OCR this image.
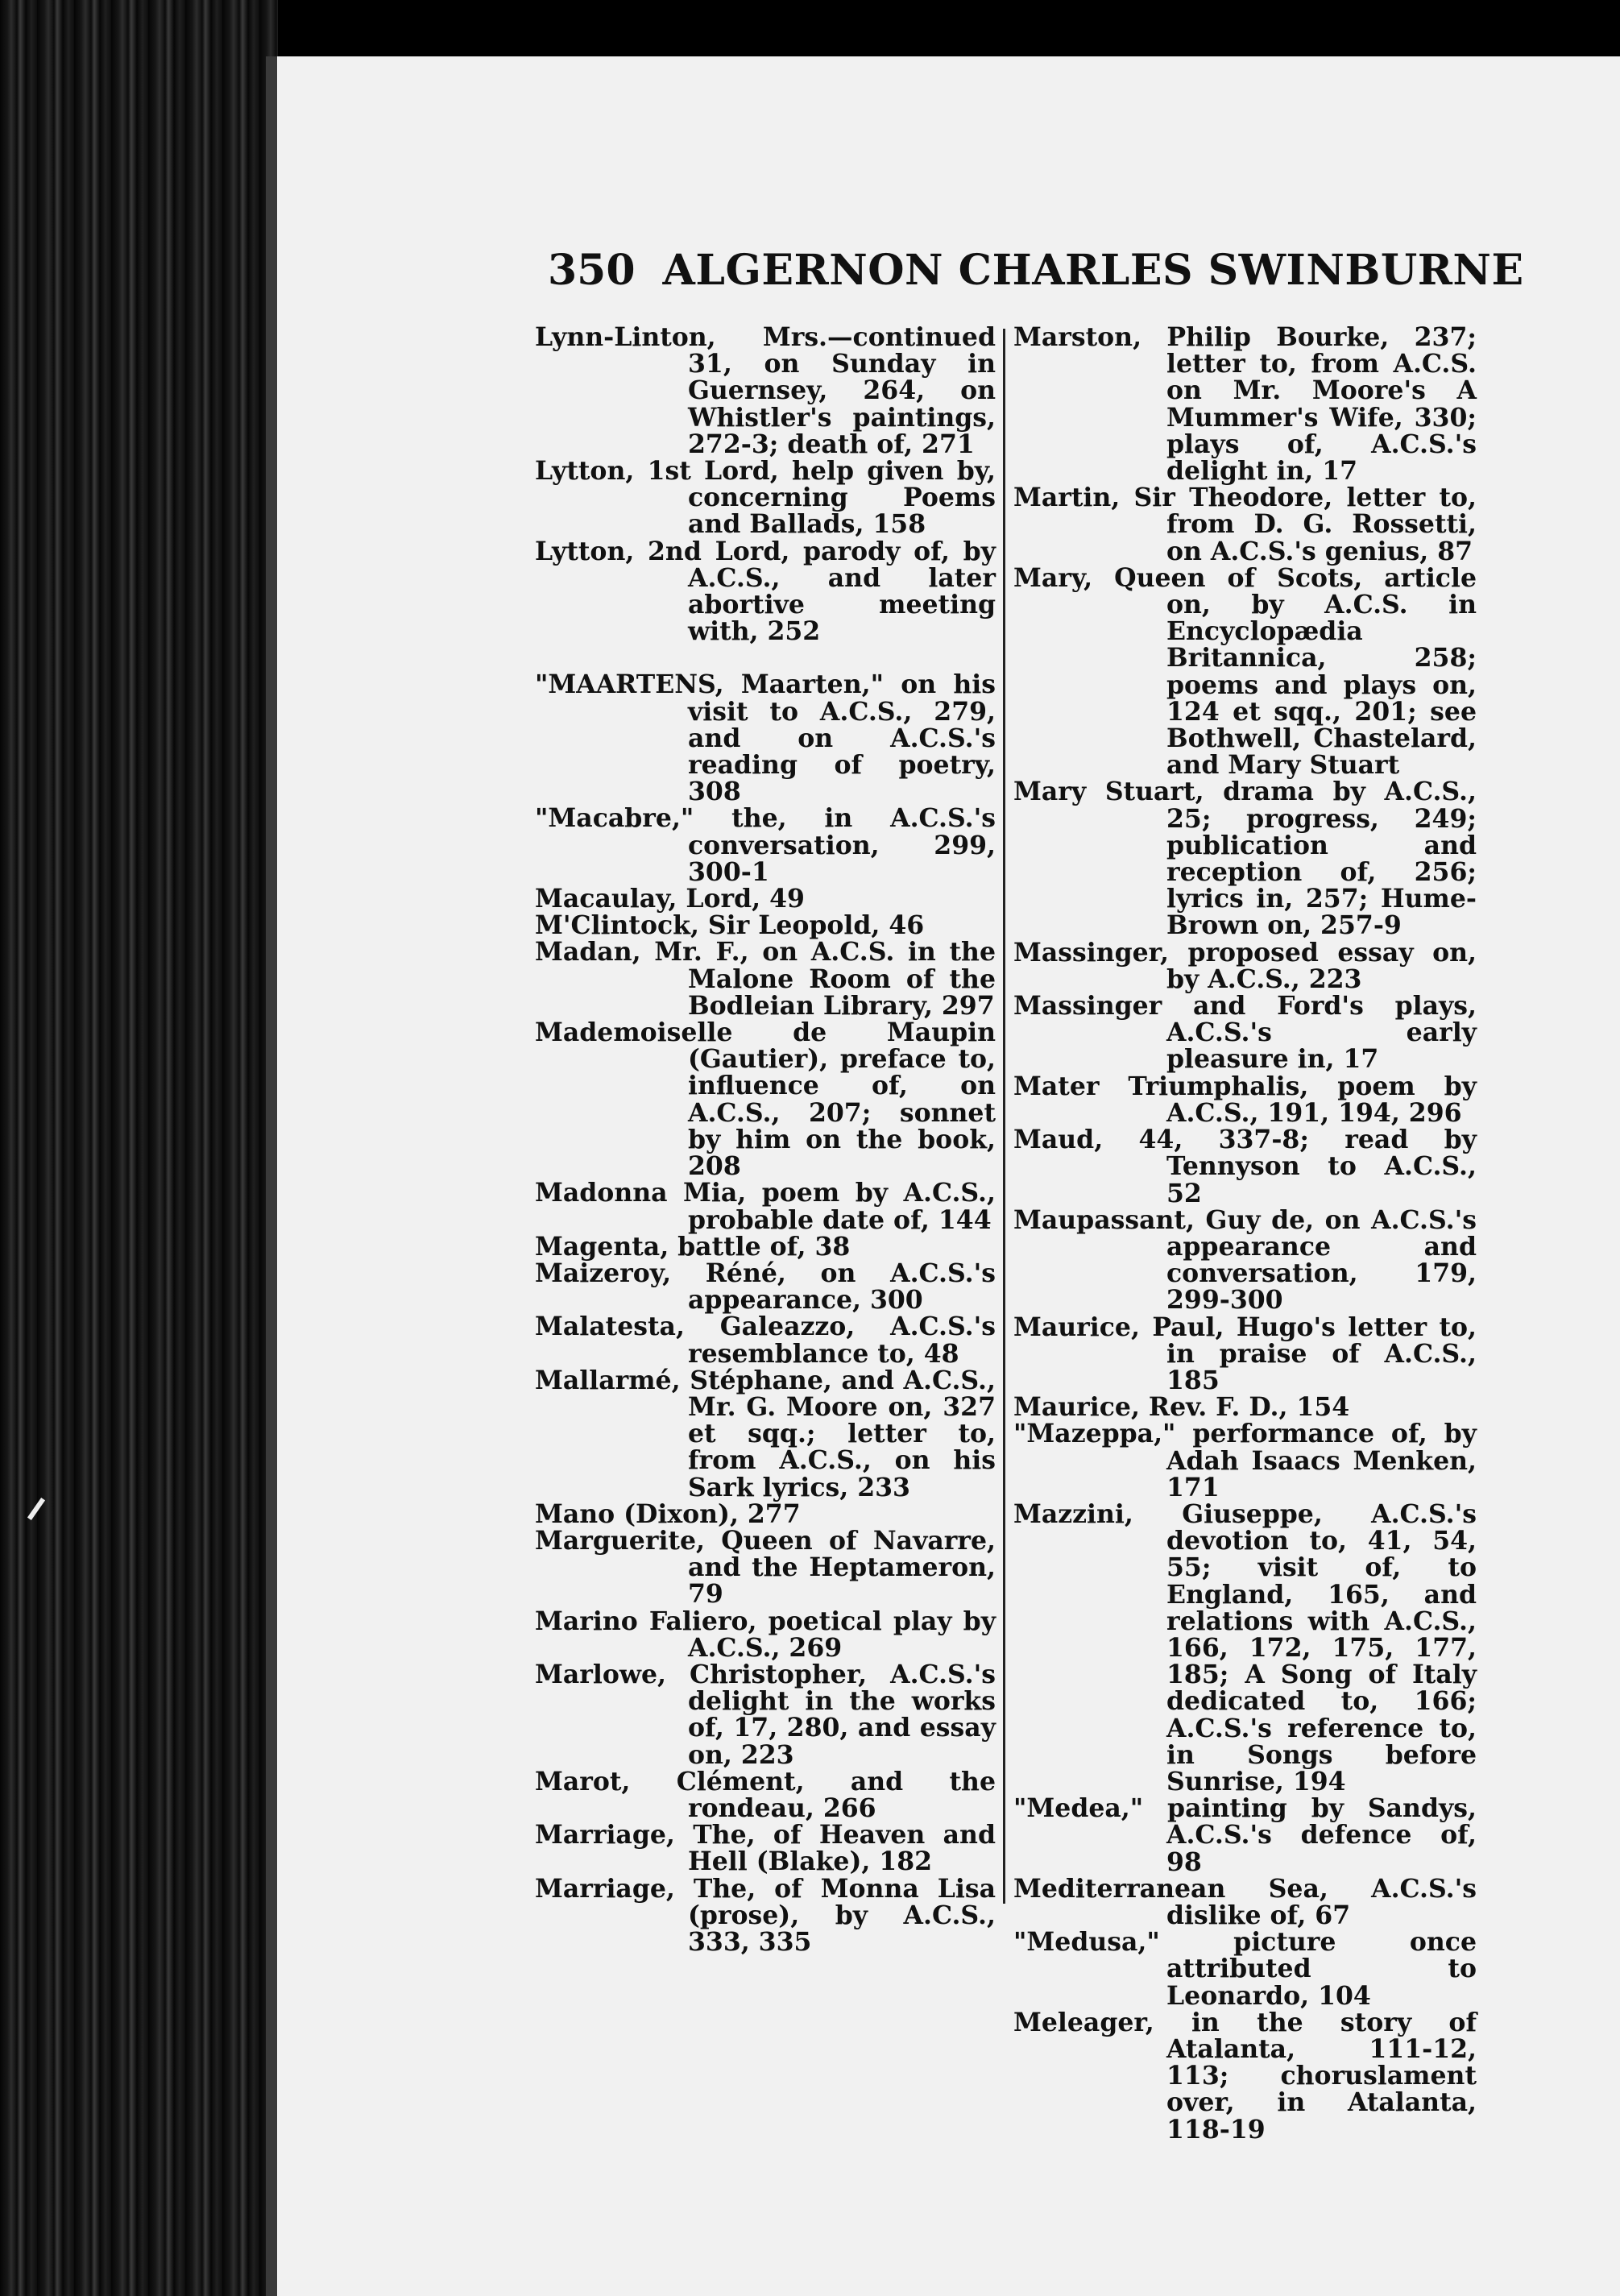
350 ALGERNON CHARLES SWINBURNE

Lynn-Linton, Mrs.—continued 31, on Sunday in Guernsey, 264, on Whistler's paintings, 272-3; death of, 271

Lytton, 1st Lord, help given by, concerning Poems and Ballads, 158

Lytton, 2nd Lord, parody of, by A.C.S., and later abortive meeting with, 252

"MAARTENS, Maarten," on his visit to A.C.S., 279, and on A.C.S.'s reading of poetry, 308

"Macabre," the, in A.C.S.'s conversation, 299, 300-1

Macaulay, Lord, 49

M'Clintock, Sir Leopold, 46

Madan, Mr. F., on A.C.S. in the Malone Room of the Bodleian Library, 297

Mademoiselle de Maupin (Gautier), preface to, influence of, on A.C.S., 207; sonnet by him on the book, 208

Madonna Mia, poem by A.C.S., probable date of, 144

Magenta, battle of, 38

Maizeroy, Réné, on A.C.S.'s appearance, 300

Malatesta, Galeazzo, A.C.S.'s resemblance to, 48

Mallarmé, Stéphane, and A.C.S., Mr. G. Moore on, 327 et sqq.; letter to, from A.C.S., on his Sark lyrics, 233

Mano (Dixon), 277

Marguerite, Queen of Navarre, and the Heptameron, 79

Marino Faliero, poetical play by A.C.S., 269

Marlowe, Christopher, A.C.S.'s delight in the works of, 17, 280, and essay on, 223

Marot, Clément, and the rondeau, 266

Marriage, The, of Heaven and Hell (Blake), 182

Marriage, The, of Monna Lisa (prose), by A.C.S., 333, 335

Marston, Philip Bourke, 237; letter to, from A.C.S. on Mr. Moore's A Mummer's Wife, 330; plays of, A.C.S.'s delight in, 17

Martin, Sir Theodore, letter to, from D. G. Rossetti, on A.C.S.'s genius, 87

Mary, Queen of Scots, article on, by A.C.S. in Encyclopædia Britannica, 258; poems and plays on, 124 et sqq., 201; see Bothwell, Chastelard, and Mary Stuart

Mary Stuart, drama by A.C.S., 25; progress, 249; publication and reception of, 256; lyrics in, 257; Hume-Brown on, 257-9

Massinger, proposed essay on, by A.C.S., 223

Massinger and Ford's plays, A.C.S.'s early pleasure in, 17

Mater Triumphalis, poem by A.C.S., 191, 194, 296

Maud, 44, 337-8; read by Tennyson to A.C.S., 52

Maupassant, Guy de, on A.C.S.'s appearance and conversation, 179, 299-300

Maurice, Paul, Hugo's letter to, in praise of A.C.S., 185

Maurice, Rev. F. D., 154

"Mazeppa," performance of, by Adah Isaacs Menken, 171

Mazzini, Giuseppe, A.C.S.'s devotion to, 41, 54, 55; visit of, to England, 165, and relations with A.C.S., 166, 172, 175, 177, 185; A Song of Italy dedicated to, 166; A.C.S.'s reference to, in Songs before Sunrise, 194

"Medea," painting by Sandys, A.C.S.'s defence of, 98

Mediterranean Sea, A.C.S.'s dislike of, 67

"Medusa," picture once attributed to Leonardo, 104

Meleager, in the story of Atalanta, 111-12, 113; choruslament over, in Atalanta, 118-19
